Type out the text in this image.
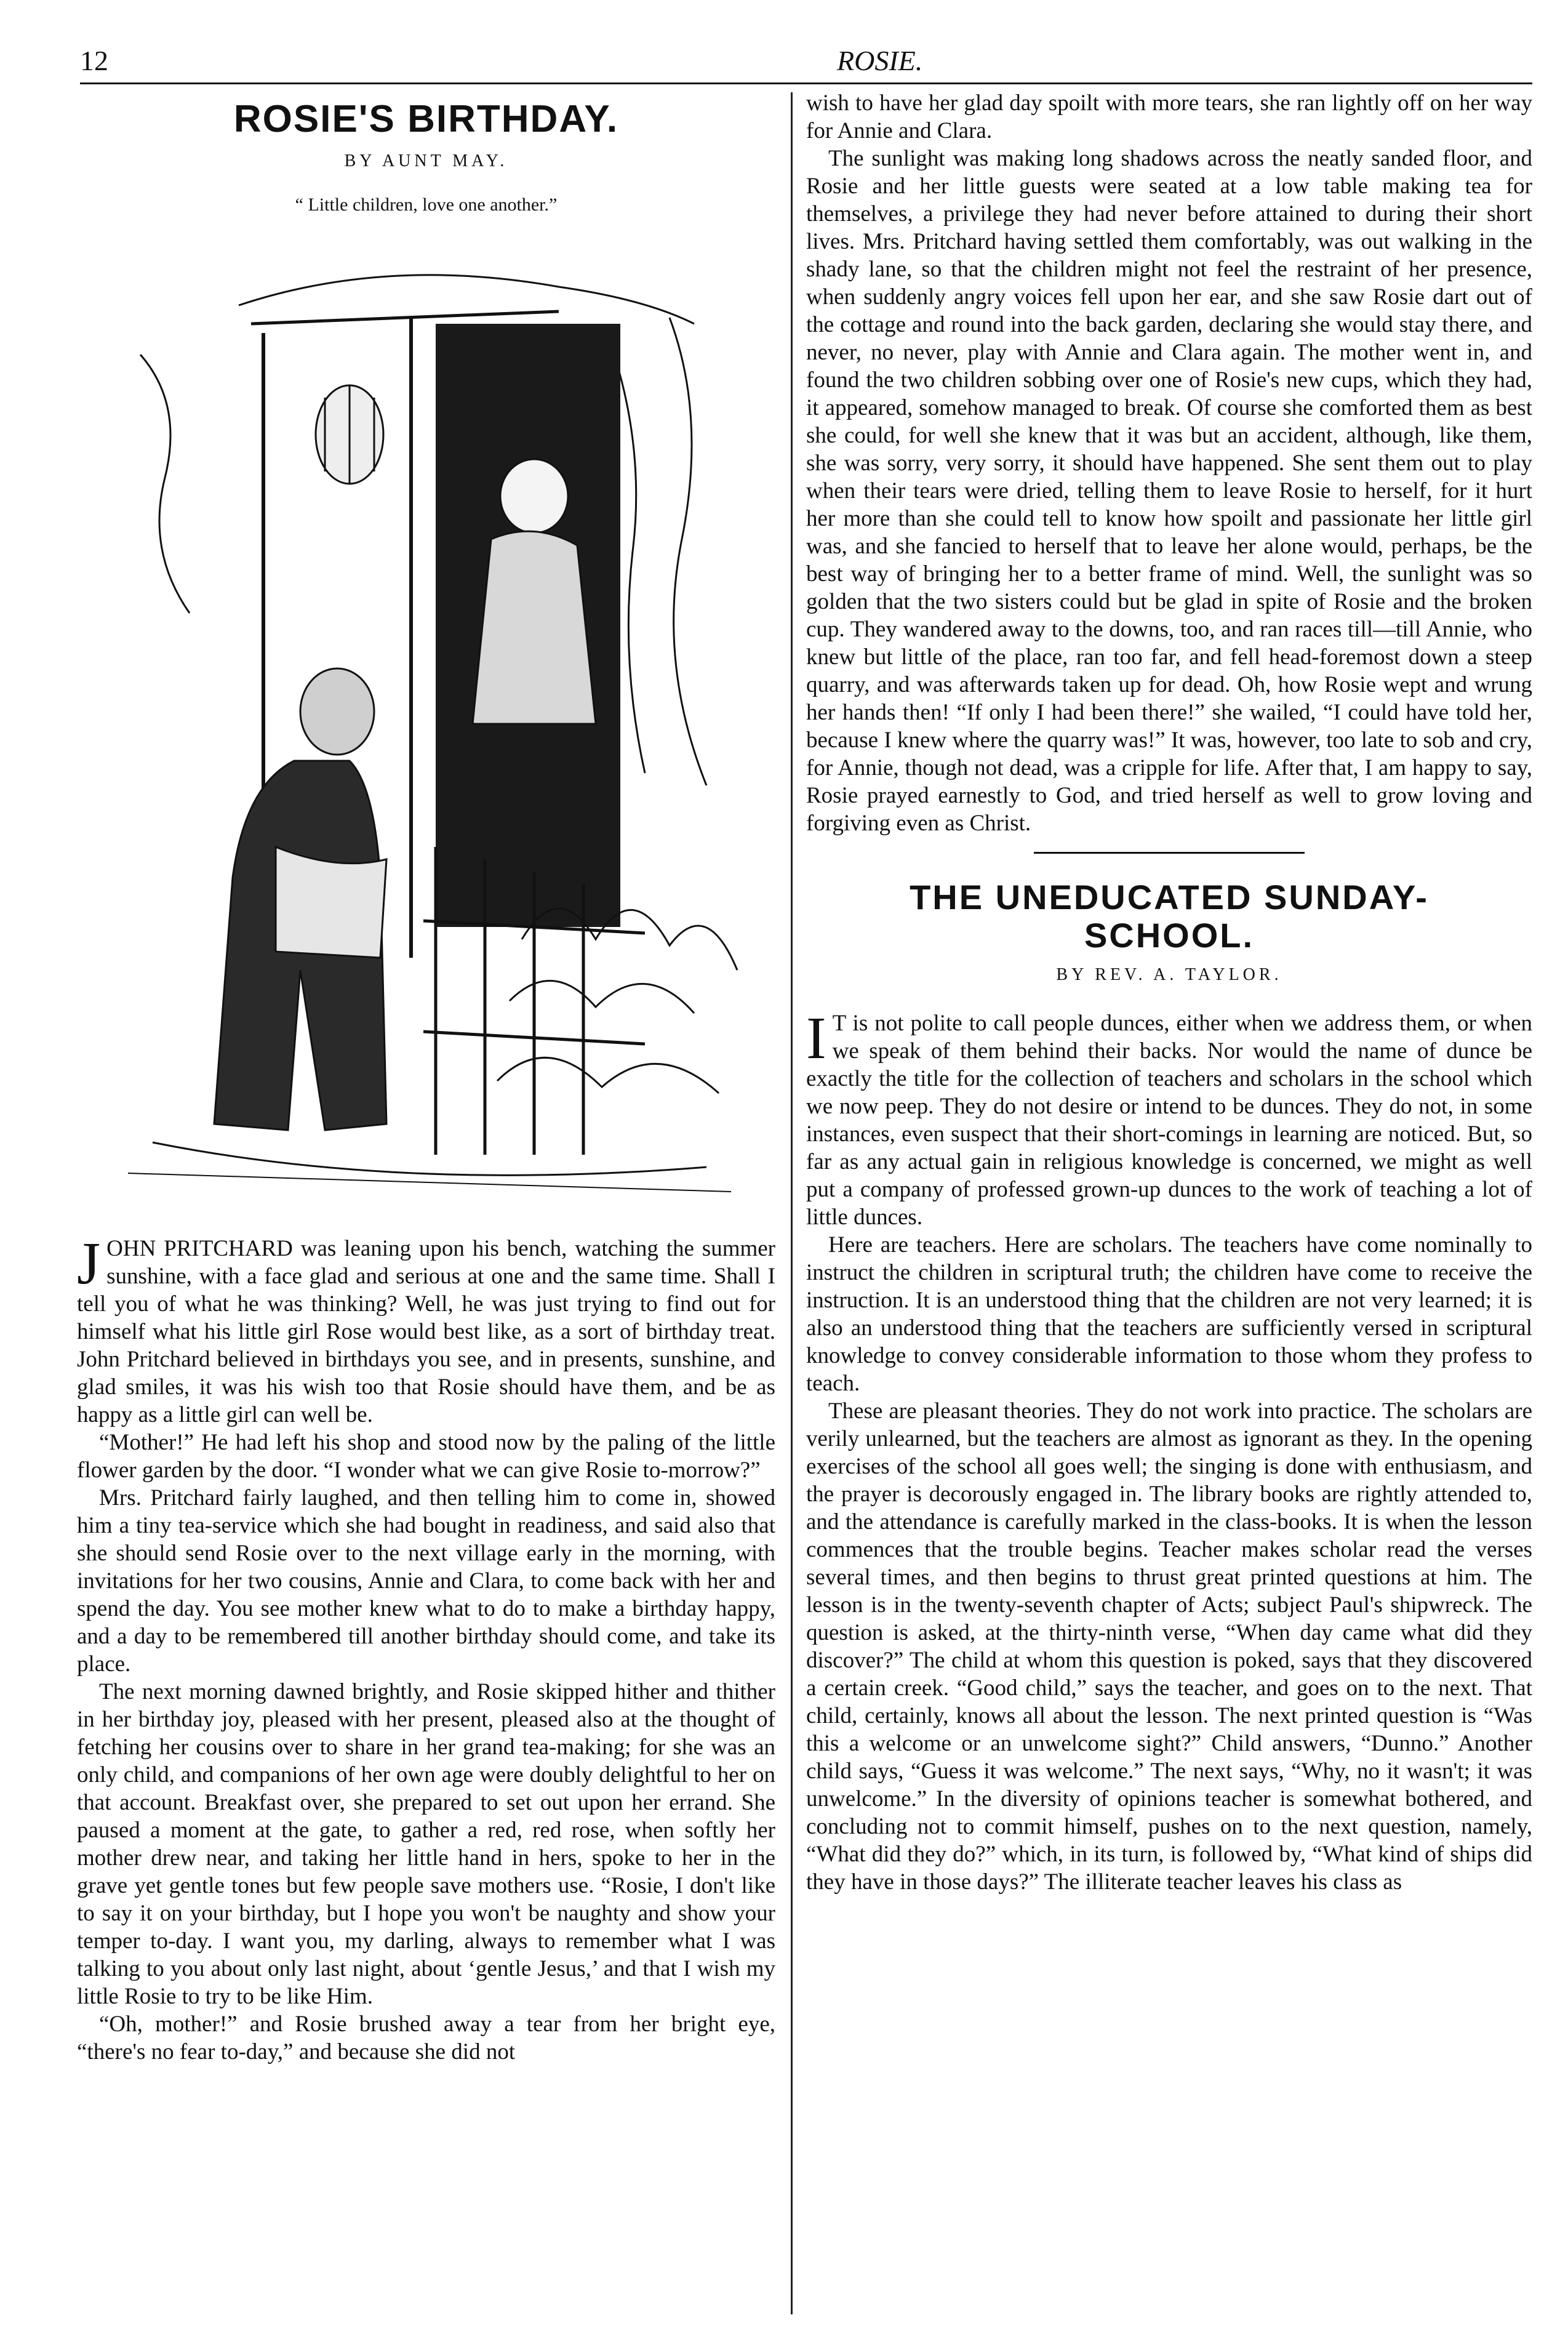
12	ROSIE.
ROSIE'S BIRTHDAY.
BY AUNT MAY.
“ Little children, love one another.”

JOHN PRITCHARD was leaning upon his bench, watching the summer sunshine, with a face glad and serious at one and the same time. Shall I tell you of what he was thinking? Well, he was just trying to find out for himself what his little girl Rose would best like, as a sort of birthday treat. John Pritchard believed in birthdays you see, and in presents, sunshine, and glad smiles, it was his wish too that Rosie should have them, and be as happy as a little girl can well be.

“Mother!” He had left his shop and stood now by the paling of the little flower garden by the door. “I wonder what we can give Rosie to-morrow?”

Mrs. Pritchard fairly laughed, and then telling him to come in, showed him a tiny tea-service which she had bought in readiness, and said also that she should send Rosie over to the next village early in the morning, with invitations for her two cousins, Annie and Clara, to come back with her and spend the day. You see mother knew what to do to make a birthday happy, and a day to be remembered till another birthday should come, and take its place.

The next morning dawned brightly, and Rosie skipped hither and thither in her birthday joy, pleased with her present, pleased also at the thought of fetching her cousins over to share in her grand tea-making; for she was an only child, and companions of her own age were doubly delightful to her on that account. Breakfast over, she prepared to set out upon her errand. She paused a moment at the gate, to gather a red, red rose, when softly her mother drew near, and taking her little hand in hers, spoke to her in the grave yet gentle tones but few people save mothers use. “Rosie, I don't like to say it on your birthday, but I hope you won't be naughty and show your temper to-day. I want you, my darling, always to remember what I was talking to you about only last night, about ‘gentle Jesus,’ and that I wish my little Rosie to try to be like Him.

“Oh, mother!” and Rosie brushed away a tear from her bright eye, “there's no fear to-day,” and because she did not

wish to have her glad day spoilt with more tears, she ran lightly off on her way for Annie and Clara.

The sunlight was making long shadows across the neatly sanded floor, and Rosie and her little guests were seated at a low table making tea for themselves, a privilege they had never before attained to during their short lives. Mrs. Pritchard having settled them comfortably, was out walking in the shady lane, so that the children might not feel the restraint of her presence, when suddenly angry voices fell upon her ear, and she saw Rosie dart out of the cottage and round into the back garden, declaring she would stay there, and never, no never, play with Annie and Clara again. The mother went in, and found the two children sobbing over one of Rosie's new cups, which they had, it appeared, somehow managed to break. Of course she comforted them as best she could, for well she knew that it was but an accident, although, like them, she was sorry, very sorry, it should have happened. She sent them out to play when their tears were dried, telling them to leave Rosie to herself, for it hurt her more than she could tell to know how spoilt and passionate her little girl was, and she fancied to herself that to leave her alone would, perhaps, be the best way of bringing her to a better frame of mind. Well, the sunlight was so golden that the two sisters could but be glad in spite of Rosie and the broken cup. They wandered away to the downs, too, and ran races till—till Annie, who knew but little of the place, ran too far, and fell head-foremost down a steep quarry, and was afterwards taken up for dead. Oh, how Rosie wept and wrung her hands then! “If only I had been there!” she wailed, “I could have told her, because I knew where the quarry was!” It was, however, too late to sob and cry, for Annie, though not dead, was a cripple for life. After that, I am happy to say, Rosie prayed earnestly to God, and tried herself as well to grow loving and forgiving even as Christ.

THE UNEDUCATED SUNDAY-
SCHOOL.
BY REV. A. TAYLOR.

I T is not polite to call people dunces, either when we address them, or when we speak of them behind their backs. Nor would the name of dunce be exactly the title for the collection of teachers and scholars in the school which we now peep. They do not desire or intend to be dunces. They do not, in some instances, even suspect that their short-comings in learning are noticed. But, so far as any actual gain in religious knowledge is concerned, we might as well put a company of professed grown-up dunces to the work of teaching a lot of little dunces.

Here are teachers. Here are scholars. The teachers have come nominally to instruct the children in scriptural truth; the children have come to receive the instruction. It is an understood thing that the children are not very learned; it is also an understood thing that the teachers are sufficiently versed in scriptural knowledge to convey considerable information to those whom they profess to teach.

These are pleasant theories. They do not work into practice. The scholars are verily unlearned, but the teachers are almost as ignorant as they. In the opening exercises of the school all goes well; the singing is done with enthusiasm, and the prayer is decorously engaged in. The library books are rightly attended to, and the attendance is carefully marked in the class-books. It is when the lesson commences that the trouble begins. Teacher makes scholar read the verses several times, and then begins to thrust great printed questions at him. The lesson is in the twenty-seventh chapter of Acts; subject Paul's shipwreck. The question is asked, at the thirty-ninth verse, “When day came what did they discover?” The child at whom this question is poked, says that they discovered a certain creek. “Good child,” says the teacher, and goes on to the next. That child, certainly, knows all about the lesson. The next printed question is “Was this a welcome or an unwelcome sight?” Child answers, “Dunno.” Another child says, “Guess it was welcome.” The next says, “Why, no it wasn't; it was unwelcome.” In the diversity of opinions teacher is somewhat bothered, and concluding not to commit himself, pushes on to the next question, namely, “What did they do?” which, in its turn, is followed by, “What kind of ships did they have in those days?” The illiterate teacher leaves his class as
